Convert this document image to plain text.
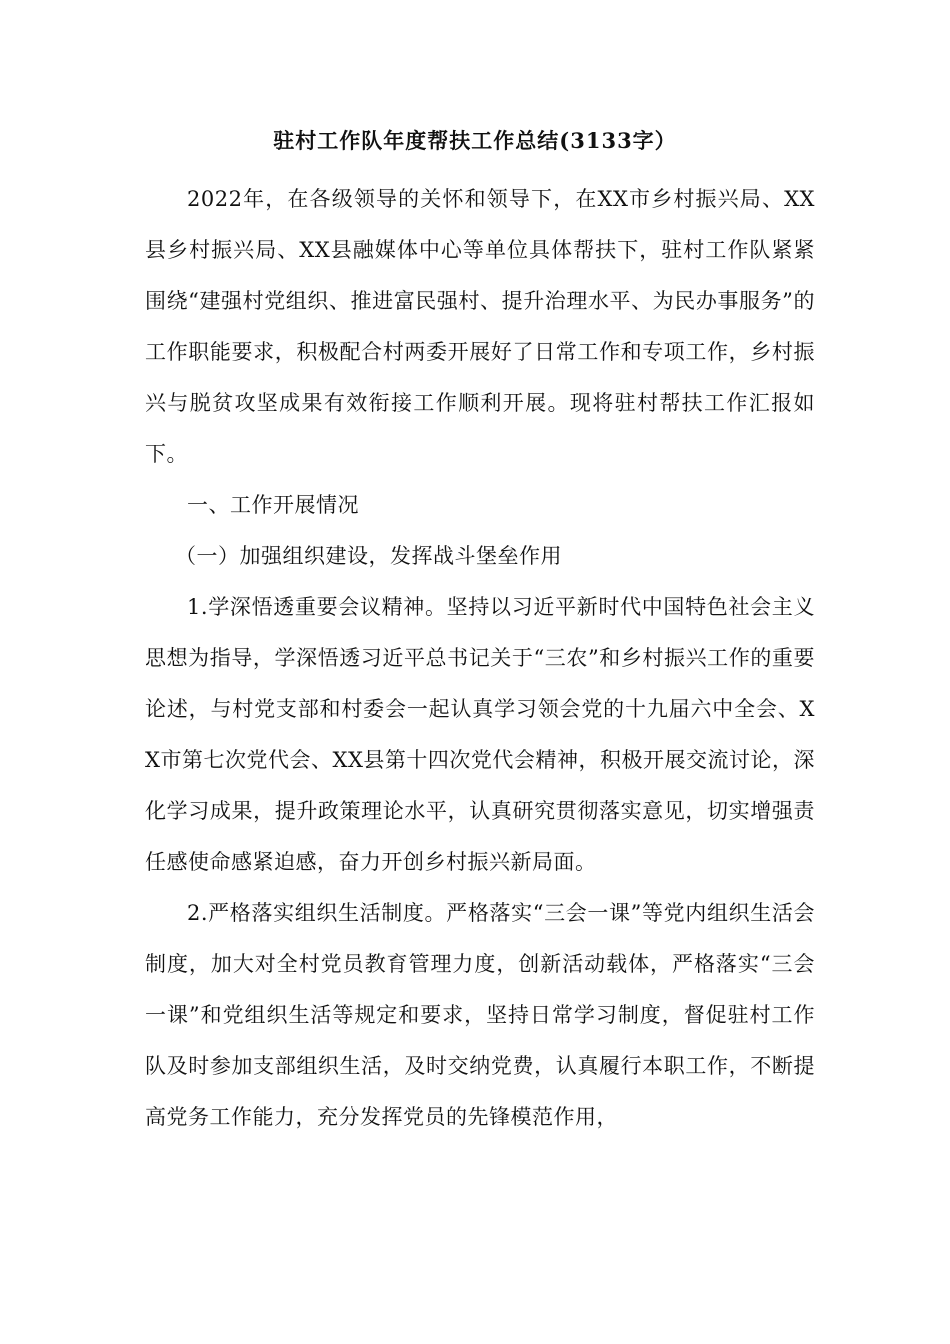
驻村工作队年度帮扶工作总结(3133字）

2022年，在各级领导的关怀和领导下，在XX市乡村振兴局、XX县乡村振兴局、XX县融媒体中心等单位具体帮扶下，驻村工作队紧紧围绕“建强村党组织、推进富民强村、提升治理水平、为民办事服务”的工作职能要求，积极配合村两委开展好了日常工作和专项工作，乡村振兴与脱贫攻坚成果有效衔接工作顺利开展。现将驻村帮扶工作汇报如下。

一、工作开展情况

（一）加强组织建设，发挥战斗堡垒作用

1.学深悟透重要会议精神。坚持以习近平新时代中国特色社会主义思想为指导，学深悟透习近平总书记关于“三农”和乡村振兴工作的重要论述，与村党支部和村委会一起认真学习领会党的十九届六中全会、XX市第七次党代会、XX县第十四次党代会精神，积极开展交流讨论，深化学习成果，提升政策理论水平，认真研究贯彻落实意见，切实增强责任感使命感紧迫感，奋力开创乡村振兴新局面。

2.严格落实组织生活制度。严格落实“三会一课”等党内组织生活会制度，加大对全村党员教育管理力度，创新活动载体，严格落实“三会一课”和党组织生活等规定和要求，坚持日常学习制度，督促驻村工作队及时参加支部组织生活，及时交纳党费，认真履行本职工作，不断提高党务工作能力，充分发挥党员的先锋模范作用，
